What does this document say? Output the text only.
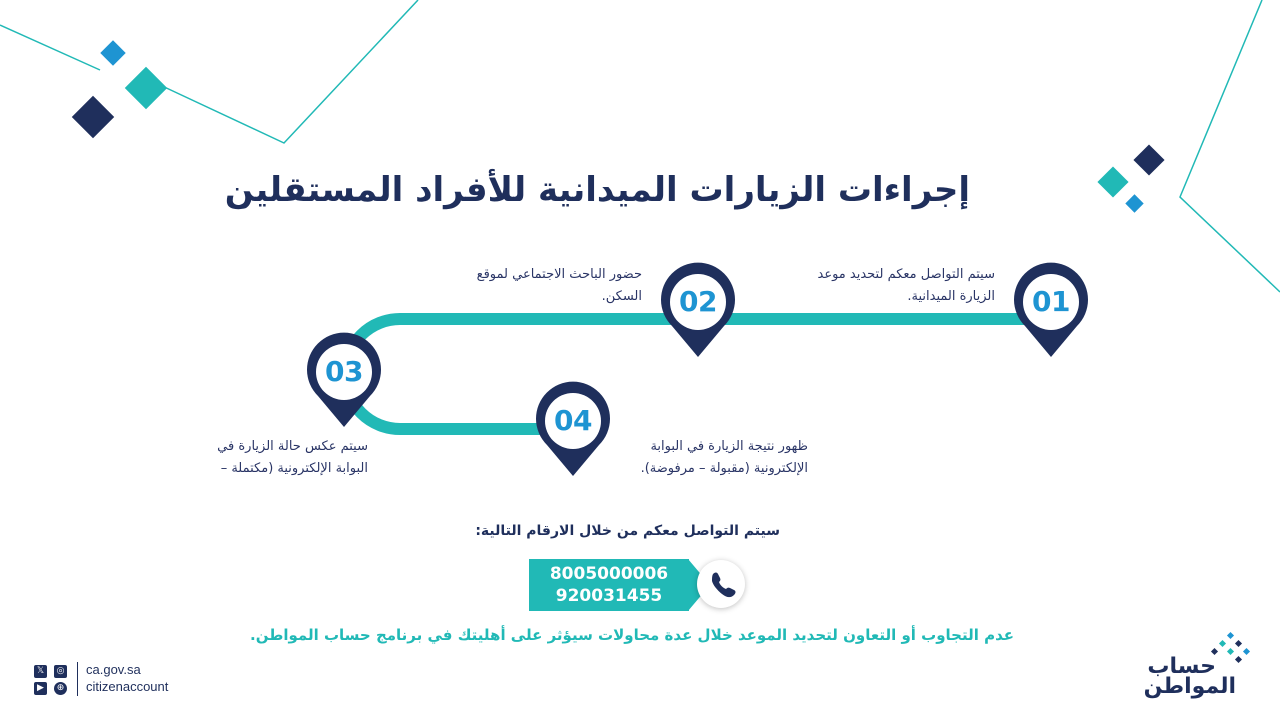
إجراءات الزيارات الميدانية للأفراد المستقلين
سيتم التواصل معكم لتحديد موعد الزيارة الميدانية.
حضور الباحث الاجتماعي لموقع السكن.
سيتم عكس حالة الزيارة في البوابة الإلكترونية (مكتملة –
ظهور نتيجة الزيارة في البوابة الإلكترونية (مقبولة – مرفوضة).
01
02
03
04
سيتم التواصل معكم من خلال الارقام التالية:
8005000006
920031455
عدم التجاوب أو التعاون لتحديد الموعد خلال عدة محاولات سيؤثر على أهليتك في برنامج حساب المواطن.
𝕏	◎
▶	⊕
ca.gov.sa
citizenaccount
حساب
المواطن
